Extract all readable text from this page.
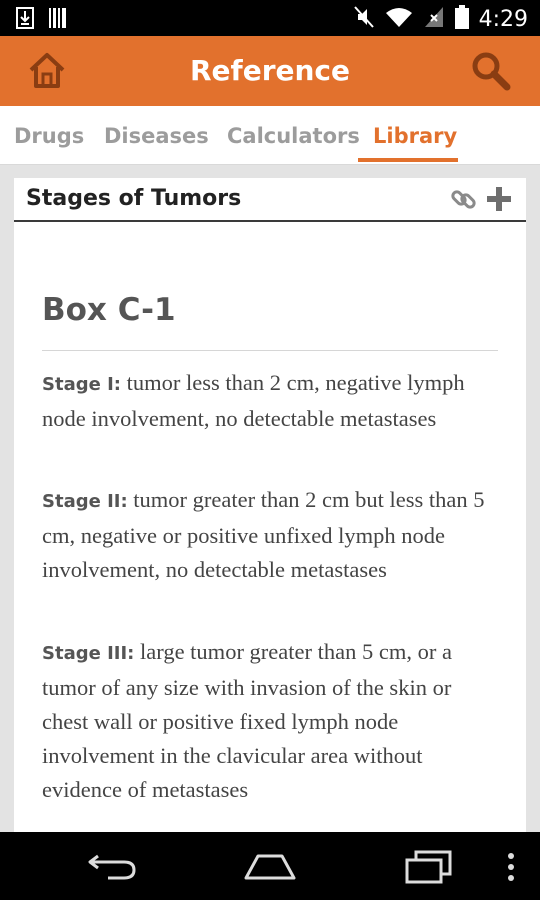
4:29
Reference
Drugs Diseases Calculators Library
Stages of Tumors
Box C-1
Stage I: tumor less than 2 cm, negative lymph node involvement, no detectable metastases
Stage II: tumor greater than 2 cm but less than 5 cm, negative or positive unfixed lymph node involvement, no detectable metastases
Stage III: large tumor greater than 5 cm, or a tumor of any size with invasion of the skin or chest wall or positive fixed lymph node involvement in the clavicular area without evidence of metastases
